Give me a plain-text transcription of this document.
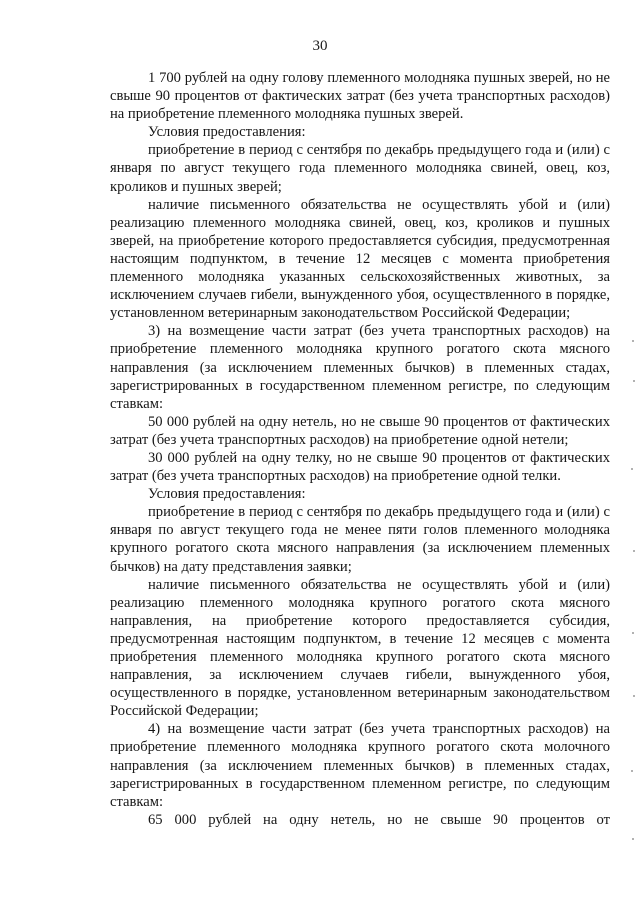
30

1 700 рублей на одну голову племенного молодняка пушных зверей, но не свыше 90 процентов от фактических затрат (без учета транспортных расходов) на приобретение племенного молодняка пушных зверей.

Условия предоставления:

приобретение в период с сентября по декабрь предыдущего года и (или) с января по август текущего года племенного молодняка свиней, овец, коз, кроликов и пушных зверей;

наличие письменного обязательства не осуществлять убой и (или) реализацию племенного молодняка свиней, овец, коз, кроликов и пушных зверей, на приобретение которого предоставляется субсидия, предусмотренная настоящим подпунктом, в течение 12 месяцев с момента приобретения племенного молодняка указанных сельскохозяйственных животных, за исключением случаев гибели, вынужденного убоя, осуществленного в порядке, установленном ветеринарным законодательством Российской Федерации;

3) на возмещение части затрат (без учета транспортных расходов) на приобретение племенного молодняка крупного рогатого скота мясного направления (за исключением племенных бычков) в племенных стадах, зарегистрированных в государственном племенном регистре, по следующим ставкам:

50 000 рублей на одну нетель, но не свыше 90 процентов от фактических затрат (без учета транспортных расходов) на приобретение одной нетели;

30 000 рублей на одну телку, но не свыше 90 процентов от фактических затрат (без учета транспортных расходов) на приобретение одной телки.

Условия предоставления:

приобретение в период с сентября по декабрь предыдущего года и (или) с января по август текущего года не менее пяти голов племенного молодняка крупного рогатого скота мясного направления (за исключением племенных бычков) на дату представления заявки;

наличие письменного обязательства не осуществлять убой и (или) реализацию племенного молодняка крупного рогатого скота мясного направления, на приобретение которого предоставляется субсидия, предусмотренная настоящим подпунктом, в течение 12 месяцев с момента приобретения племенного молодняка крупного рогатого скота мясного направления, за исключением случаев гибели, вынужденного убоя, осуществленного в порядке, установленном ветеринарным законодательством Российской Федерации;

4) на возмещение части затрат (без учета транспортных расходов) на приобретение племенного молодняка крупного рогатого скота молочного направления (за исключением племенных бычков) в племенных стадах, зарегистрированных в государственном племенном регистре, по следующим ставкам:

65 000 рублей на одну нетель, но не свыше 90 процентов от
